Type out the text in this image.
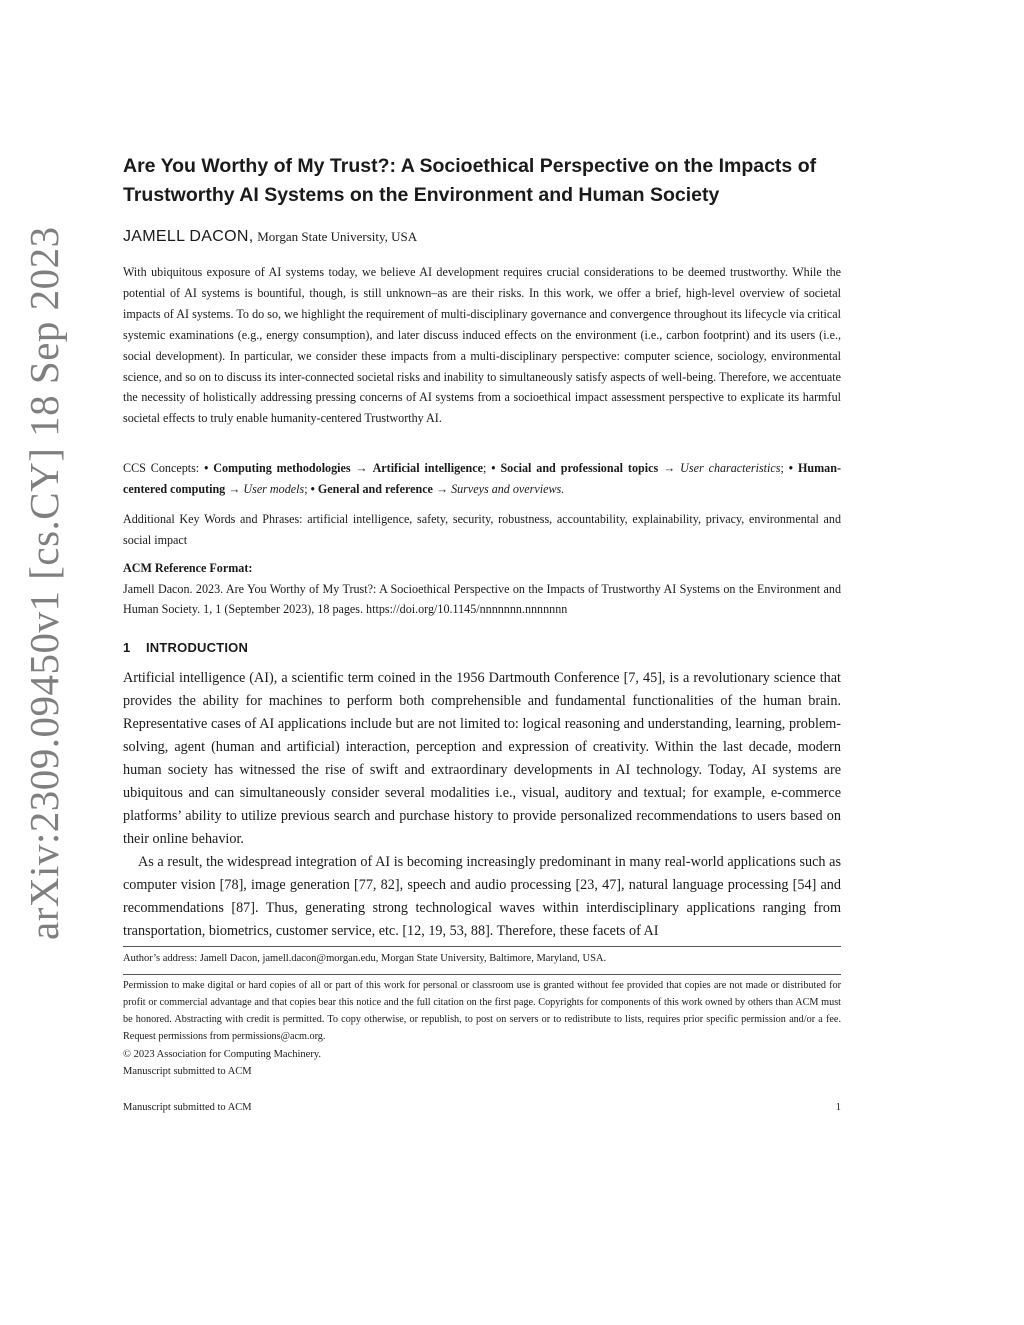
arXiv:2309.09450v1 [cs.CY] 18 Sep 2023
Are You Worthy of My Trust?: A Socioethical Perspective on the Impacts of
Trustworthy AI Systems on the Environment and Human Society
JAMELL DACON, Morgan State University, USA

With ubiquitous exposure of AI systems today, we believe AI development requires crucial considerations to be deemed trustworthy. While the potential of AI systems is bountiful, though, is still unknown–as are their risks. In this work, we offer a brief, high-level overview of societal impacts of AI systems. To do so, we highlight the requirement of multi-disciplinary governance and convergence throughout its lifecycle via critical systemic examinations (e.g., energy consumption), and later discuss induced effects on the environment (i.e., carbon footprint) and its users (i.e., social development). In particular, we consider these impacts from a multi-disciplinary perspective: computer science, sociology, environmental science, and so on to discuss its inter-connected societal risks and inability to simultaneously satisfy aspects of well-being. Therefore, we accentuate the necessity of holistically addressing pressing concerns of AI systems from a socioethical impact assessment perspective to explicate its harmful societal effects to truly enable humanity-centered Trustworthy AI.

CCS Concepts: • Computing methodologies → Artificial intelligence; • Social and professional topics → User characteristics; • Human-centered computing → User models; • General and reference → Surveys and overviews.

Additional Key Words and Phrases: artificial intelligence, safety, security, robustness, accountability, explainability, privacy, environmental and social impact

ACM Reference Format:

Jamell Dacon. 2023. Are You Worthy of My Trust?: A Socioethical Perspective on the Impacts of Trustworthy AI Systems on the Environment and Human Society. 1, 1 (September 2023), 18 pages. https://doi.org/10.1145/nnnnnnn.nnnnnnn

1 INTRODUCTION

Artificial intelligence (AI), a scientific term coined in the 1956 Dartmouth Conference [7, 45], is a revolutionary science that provides the ability for machines to perform both comprehensible and fundamental functionalities of the human brain. Representative cases of AI applications include but are not limited to: logical reasoning and understanding, learning, problem-solving, agent (human and artificial) interaction, perception and expression of creativity. Within the last decade, modern human society has witnessed the rise of swift and extraordinary developments in AI technology. Today, AI systems are ubiquitous and can simultaneously consider several modalities i.e., visual, auditory and textual; for example, e-commerce platforms’ ability to utilize previous search and purchase history to provide personalized recommendations to users based on their online behavior.

As a result, the widespread integration of AI is becoming increasingly predominant in many real-world applications such as computer vision [78], image generation [77, 82], speech and audio processing [23, 47], natural language processing [54] and recommendations [87]. Thus, generating strong technological waves within interdisciplinary applications ranging from transportation, biometrics, customer service, etc. [12, 19, 53, 88]. Therefore, these facets of AI

Author’s address: Jamell Dacon, jamell.dacon@morgan.edu, Morgan State University, Baltimore, Maryland, USA.

Permission to make digital or hard copies of all or part of this work for personal or classroom use is granted without fee provided that copies are not made or distributed for profit or commercial advantage and that copies bear this notice and the full citation on the first page. Copyrights for components of this work owned by others than ACM must be honored. Abstracting with credit is permitted. To copy otherwise, or republish, to post on servers or to redistribute to lists, requires prior specific permission and/or a fee. Request permissions from permissions@acm.org.

© 2023 Association for Computing Machinery.
Manuscript submitted to ACM
Manuscript submitted to ACM	1
